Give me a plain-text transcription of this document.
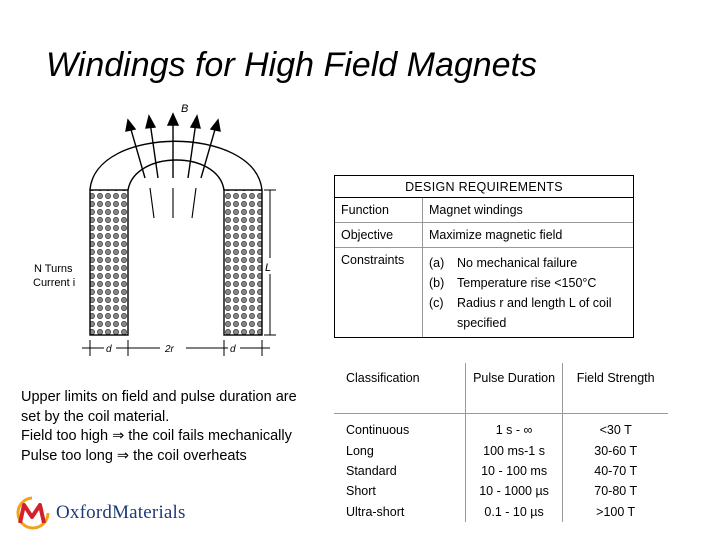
Windings for High Field Magnets
B
L
N Turns
Current i
d	2r	d
DESIGN REQUIREMENTS
Function	Magnet windings
Objective	Maximize magnetic field
Constraints	(a)	No mechanical failure
(b)	Temperature rise <150°C
(c)	Radius r and length L of coil specified
Classification	Pulse Duration	Field Strength
Continuous	1 s - ∞	<30 T
Long	100 ms-1 s	30-60 T
Standard	10 - 100 ms	40-70 T
Short	10 - 1000 µs	70-80 T
Ultra-short	0.1 - 10 µs	>100 T
Upper limits on field and pulse duration are
set by the coil material.
Field too high ⇒ the coil fails mechanically
Pulse too long ⇒ the coil overheats
OxfordMaterials
